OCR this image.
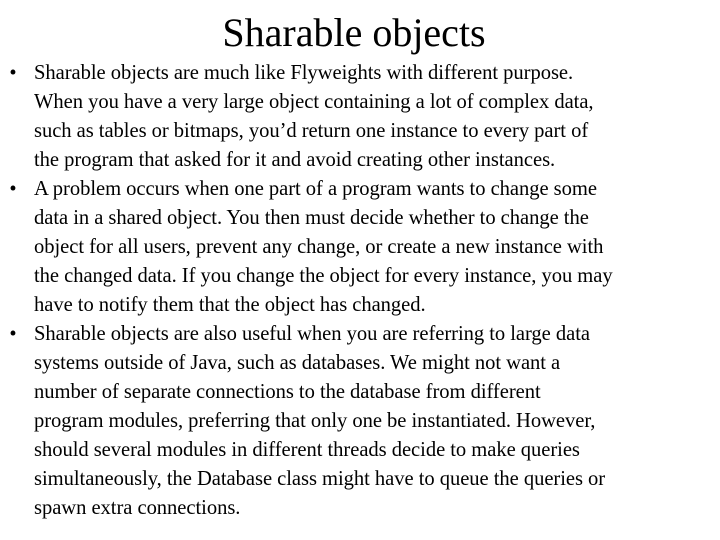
Sharable objects
• Sharable objects are much like Flyweights with different purpose.
When you have a very large object containing a lot of complex data,
such as tables or bitmaps, you’d return one instance to every part of
the program that asked for it and avoid creating other instances.
• A problem occurs when one part of a program wants to change some
data in a shared object. You then must decide whether to change the
object for all users, prevent any change, or create a new instance with
the changed data. If you change the object for every instance, you may
have to notify them that the object has changed.
• Sharable objects are also useful when you are referring to large data
systems outside of Java, such as databases. We might not want a
number of separate connections to the database from different
program modules, preferring that only one be instantiated. However,
should several modules in different threads decide to make queries
simultaneously, the Database class might have to queue the queries or
spawn extra connections.
